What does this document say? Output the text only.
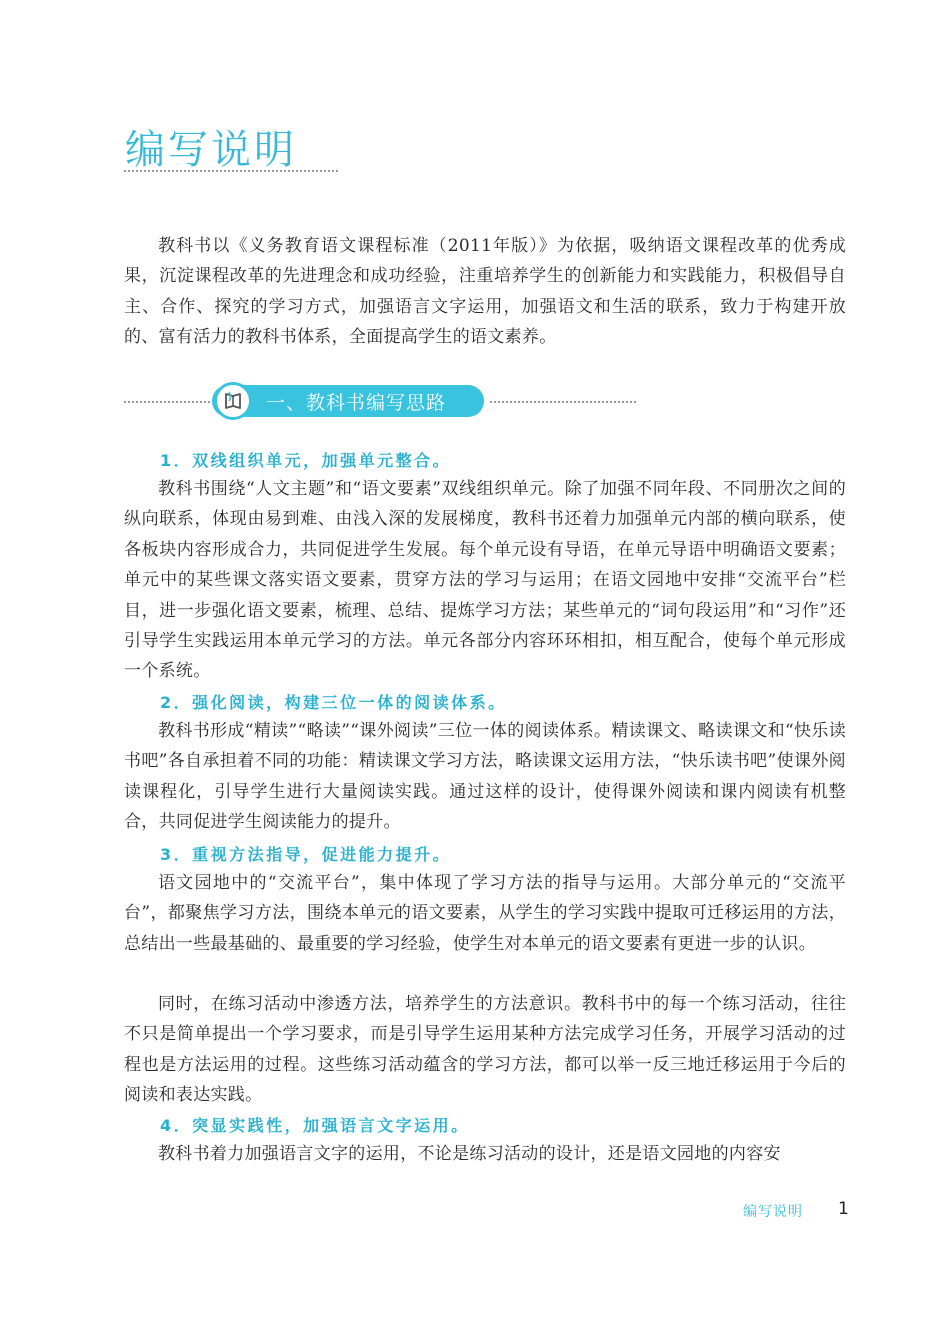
编写说明

教科书以《义务教育语文课程标准（2011年版）》为依据，吸纳语文课程改革的优秀成果，沉淀课程改革的先进理念和成功经验，注重培养学生的创新能力和实践能力，积极倡导自主、合作、探究的学习方式，加强语言文字运用，加强语文和生活的联系，致力于构建开放的、富有活力的教科书体系，全面提高学生的语文素养。

一、教科书编写思路
1．双线组织单元，加强单元整合。

教科书围绕“人文主题”和“语文要素”双线组织单元。除了加强不同年段、不同册次之间的纵向联系，体现由易到难、由浅入深的发展梯度，教科书还着力加强单元内部的横向联系，使各板块内容形成合力，共同促进学生发展。每个单元设有导语，在单元导语中明确语文要素；单元中的某些课文落实语文要素，贯穿方法的学习与运用；在语文园地中安排“交流平台”栏目，进一步强化语文要素，梳理、总结、提炼学习方法；某些单元的“词句段运用”和“习作”还引导学生实践运用本单元学习的方法。单元各部分内容环环相扣，相互配合，使每个单元形成一个系统。

2．强化阅读，构建三位一体的阅读体系。

教科书形成“精读”“略读”“课外阅读”三位一体的阅读体系。精读课文、略读课文和“快乐读书吧”各自承担着不同的功能：精读课文学习方法，略读课文运用方法，“快乐读书吧”使课外阅读课程化，引导学生进行大量阅读实践。通过这样的设计，使得课外阅读和课内阅读有机整合，共同促进学生阅读能力的提升。

3．重视方法指导，促进能力提升。

语文园地中的“交流平台”，集中体现了学习方法的指导与运用。大部分单元的“交流平台”，都聚焦学习方法，围绕本单元的语文要素，从学生的学习实践中提取可迁移运用的方法，总结出一些最基础的、最重要的学习经验，使学生对本单元的语文要素有更进一步的认识。

同时，在练习活动中渗透方法，培养学生的方法意识。教科书中的每一个练习活动，往往不只是简单提出一个学习要求，而是引导学生运用某种方法完成学习任务，开展学习活动的过程也是方法运用的过程。这些练习活动蕴含的学习方法，都可以举一反三地迁移运用于今后的阅读和表达实践。

4．突显实践性，加强语言文字运用。

教科书着力加强语言文字的运用，不论是练习活动的设计，还是语文园地的内容安

编写说明 1
